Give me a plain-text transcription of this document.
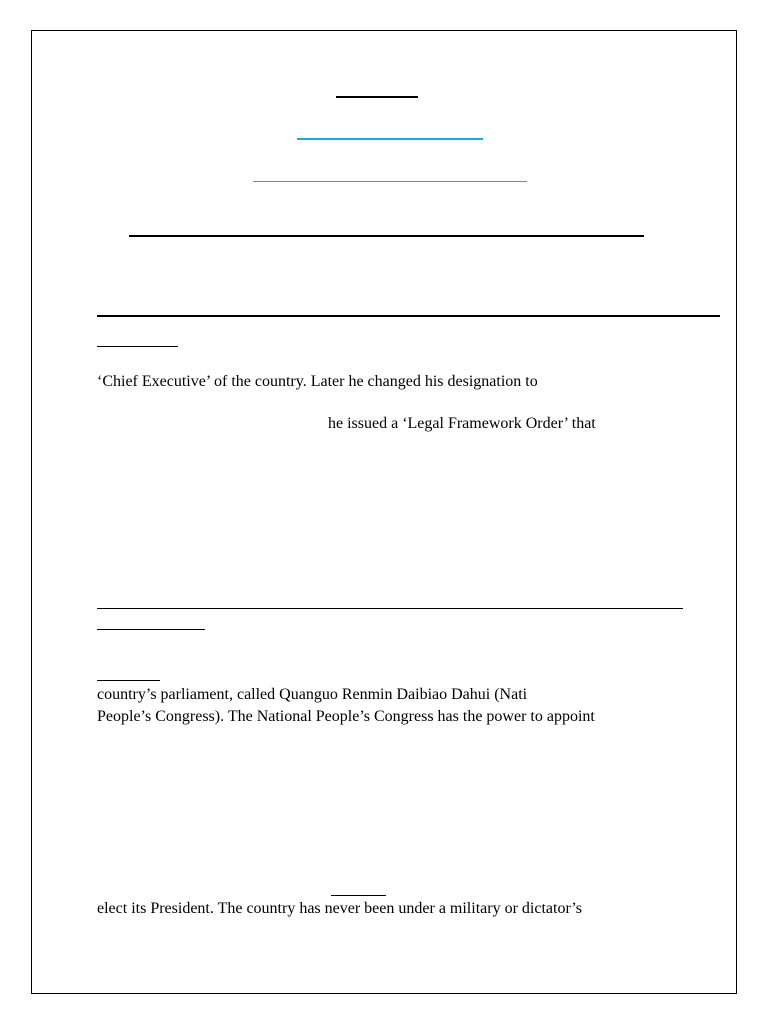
‘Chief Executive’ of the country. Later he changed his designation to
he issued a ‘Legal Framework Order’ that
country’s parliament, called Quanguo Renmin Daibiao Dahui (Nati
People’s Congress). The National People’s Congress has the power to appoint
elect its President. The country has never been under a military or dictator’s
